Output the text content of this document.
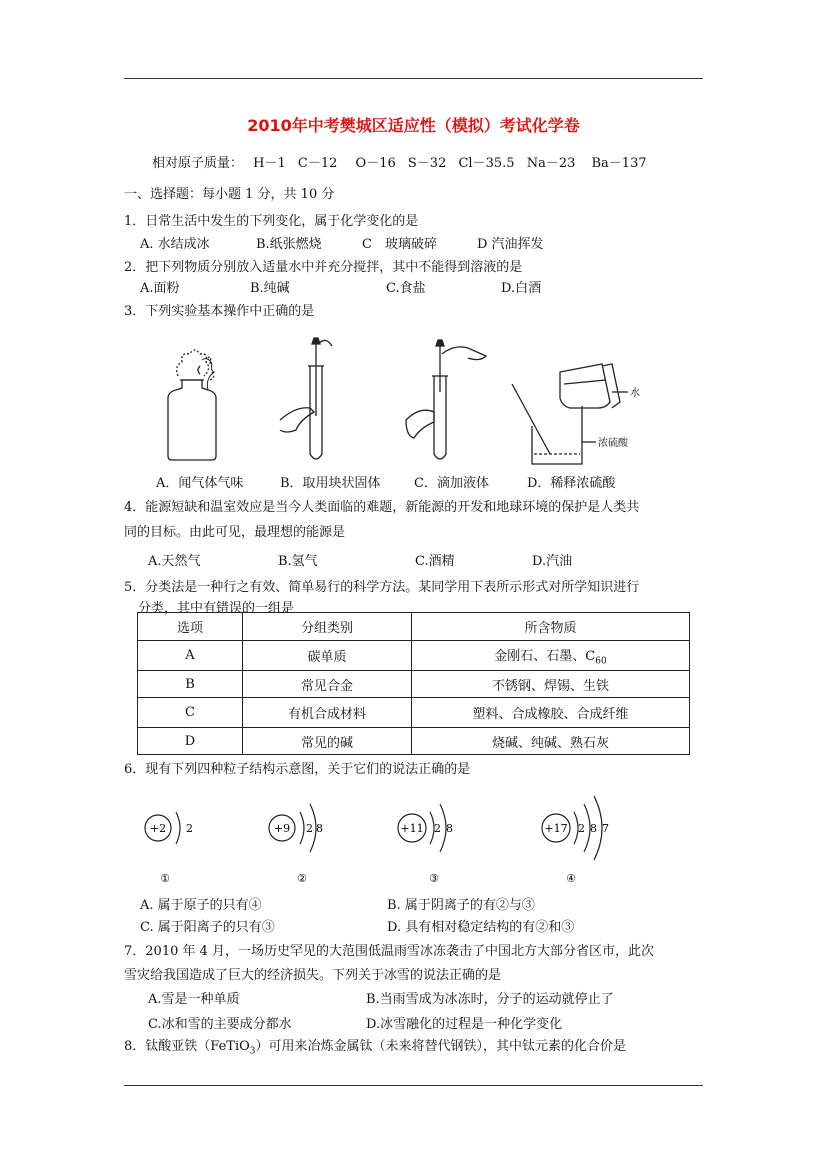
2010年中考樊城区适应性（模拟）考试化学卷
相对原子质量： H－1 C－12 O－16 S－32 Cl－35.5 Na－23 Ba－137
一、选择题：每小题 1 分，共 10 分
1．日常生活中发生的下列变化，属于化学变化的是
A. 水结成冰	B.纸张燃烧	C　玻璃破碎	D 汽油挥发
2．把下列物质分别放入适量水中并充分搅拌，其中不能得到溶液的是
A.面粉	B.纯碱	C.食盐	D.白酒
3．下列实验基本操作中正确的是
水
浓硫酸
A．闻气体气味	B．取用块状固体	C．滴加液体	D．稀释浓硫酸
4．能源短缺和温室效应是当今人类面临的难题，新能源的开发和地球环境的保护是人类共
同的目标。由此可见，最理想的能源是
A.天然气	B.氢气	C.酒精	D.汽油
5．分类法是一种行之有效、简单易行的科学方法。某同学用下表所示形式对所学知识进行
分类，其中有错误的一组是
选项	分组类别	所含物质
A	碳单质	金刚石、石墨、$C_{60}$
B	常见合金	不锈钢、焊锡、生铁
C	有机合成材料	塑料、合成橡胶、合成纤维
D	常见的碱	烧碱、纯碱、熟石灰
6．现有下列四种粒子结构示意图，关于它们的说法正确的是
+2 2
①
+9 2 8
②
+11 2 8
③
+17 2 8 7
④
A. 属于原子的只有④	B. 属于阴离子的有②与③
C. 属于阳离子的只有③	D. 具有相对稳定结构的有②和③
7．2010 年 4 月，一场历史罕见的大范围低温雨雪冰冻袭击了中国北方大部分省区市，此次
雪灾给我国造成了巨大的经济损失。下列关于冰雪的说法正确的是
A.雪是一种单质	B.当雨雪成为冰冻时，分子的运动就停止了
C.冰和雪的主要成分都水	D.冰雪融化的过程是一种化学变化
8．钛酸亚铁（FeTiO$_3$）可用来冶炼金属钛（未来将替代钢铁），其中钛元素的化合价是
